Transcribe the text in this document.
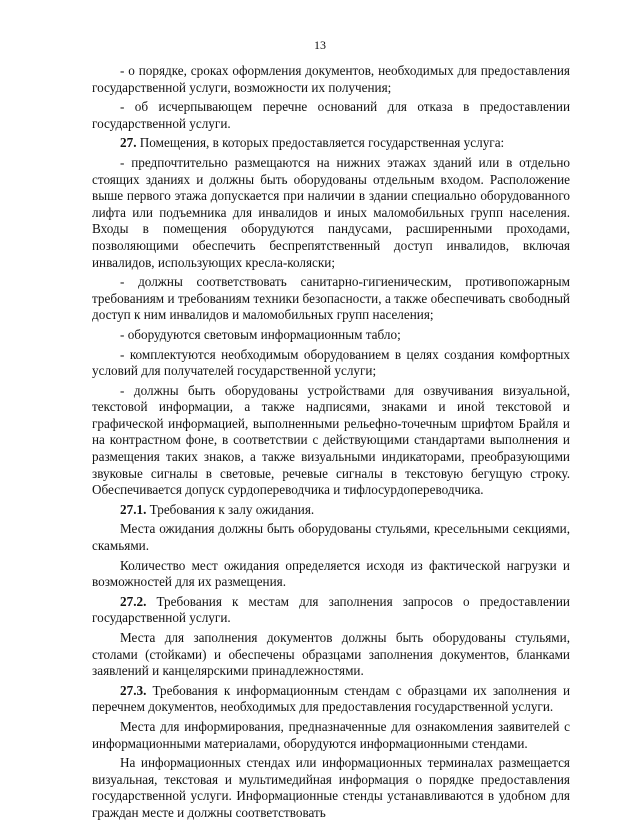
13

- о порядке, сроках оформления документов, необходимых для предоставления государственной услуги, возможности их получения;

- об исчерпывающем перечне оснований для отказа в предоставлении государственной услуги.

27. Помещения, в которых предоставляется государственная услуга:

- предпочтительно размещаются на нижних этажах зданий или в отдельно стоящих зданиях и должны быть оборудованы отдельным входом. Расположение выше первого этажа допускается при наличии в здании специально оборудованного лифта или подъемника для инвалидов и иных маломобильных групп населения. Входы в помещения оборудуются пандусами, расширенными проходами, позволяющими обеспечить беспрепятственный доступ инвалидов, включая инвалидов, использующих кресла-коляски;

- должны соответствовать санитарно-гигиеническим, противопожарным требованиям и требованиям техники безопасности, а также обеспечивать свободный доступ к ним инвалидов и маломобильных групп населения;

- оборудуются световым информационным табло;

- комплектуются необходимым оборудованием в целях создания комфортных условий для получателей государственной услуги;

- должны быть оборудованы устройствами для озвучивания визуальной, текстовой информации, а также надписями, знаками и иной текстовой и графической информацией, выполненными рельефно-точечным шрифтом Брайля и на контрастном фоне, в соответствии с действующими стандартами выполнения и размещения таких знаков, а также визуальными индикаторами, преобразующими звуковые сигналы в световые, речевые сигналы в текстовую бегущую строку. Обеспечивается допуск сурдопереводчика и тифлосурдопереводчика.

27.1. Требования к залу ожидания.

Места ожидания должны быть оборудованы стульями, кресельными секциями, скамьями.

Количество мест ожидания определяется исходя из фактической нагрузки и возможностей для их размещения.

27.2. Требования к местам для заполнения запросов о предоставлении государственной услуги.

Места для заполнения документов должны быть оборудованы стульями, столами (стойками) и обеспечены образцами заполнения документов, бланками заявлений и канцелярскими принадлежностями.

27.3. Требования к информационным стендам с образцами их заполнения и перечнем документов, необходимых для предоставления государственной услуги.

Места для информирования, предназначенные для ознакомления заявителей с информационными материалами, оборудуются информационными стендами.

На информационных стендах или информационных терминалах размещается визуальная, текстовая и мультимедийная информация о порядке предоставления государственной услуги. Информационные стенды устанавливаются в удобном для граждан месте и должны соответствовать
